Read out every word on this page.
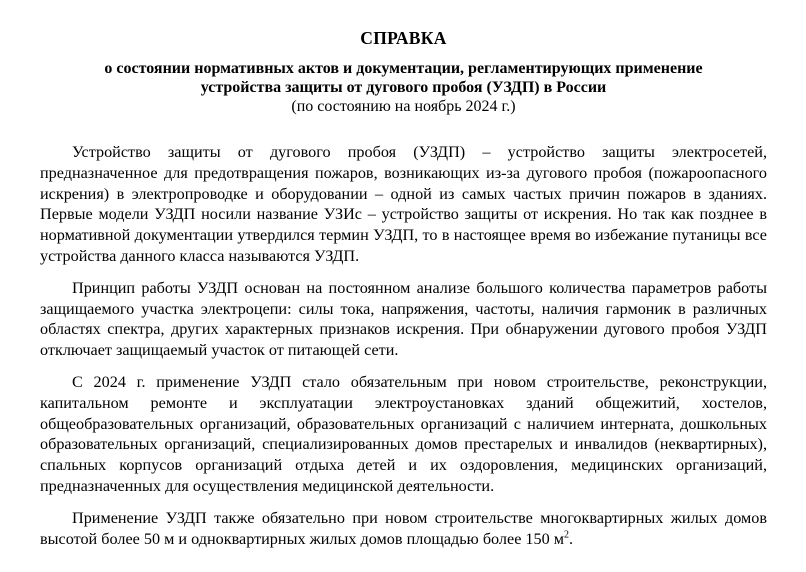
СПРАВКА

о состоянии нормативных актов и документации, регламентирующих применение
устройства защиты от дугового пробоя (УЗДП) в России

(по состоянию на ноябрь 2024 г.)

Устройство защиты от дугового пробоя (УЗДП) – устройство защиты электросетей, предназначенное для предотвращения пожаров, возникающих из-за дугового пробоя (пожароопасного искрения) в электропроводке и оборудовании – одной из самых частых причин пожаров в зданиях. Первые модели УЗДП носили название УЗИс – устройство защиты от искрения. Но так как позднее в нормативной документации утвердился термин УЗДП, то в настоящее время во избежание путаницы все устройства данного класса называются УЗДП.

Принцип работы УЗДП основан на постоянном анализе большого количества параметров работы защищаемого участка электроцепи: силы тока, напряжения, частоты, наличия гармоник в различных областях спектра, других характерных признаков искрения. При обнаружении дугового пробоя УЗДП отключает защищаемый участок от питающей сети.

С 2024 г. применение УЗДП стало обязательным при новом строительстве, реконструкции, капитальном ремонте и эксплуатации электроустановках зданий общежитий, хостелов, общеобразовательных организаций, образовательных организаций с наличием интерната, дошкольных образовательных организаций, специализированных домов престарелых и инвалидов (неквартирных), спальных корпусов организаций отдыха детей и их оздоровления, медицинских организаций, предназначенных для осуществления медицинской деятельности.

Применение УЗДП также обязательно при новом строительстве многоквартирных жилых домов высотой более 50 м и одноквартирных жилых домов площадью более 150 $м^2$.
